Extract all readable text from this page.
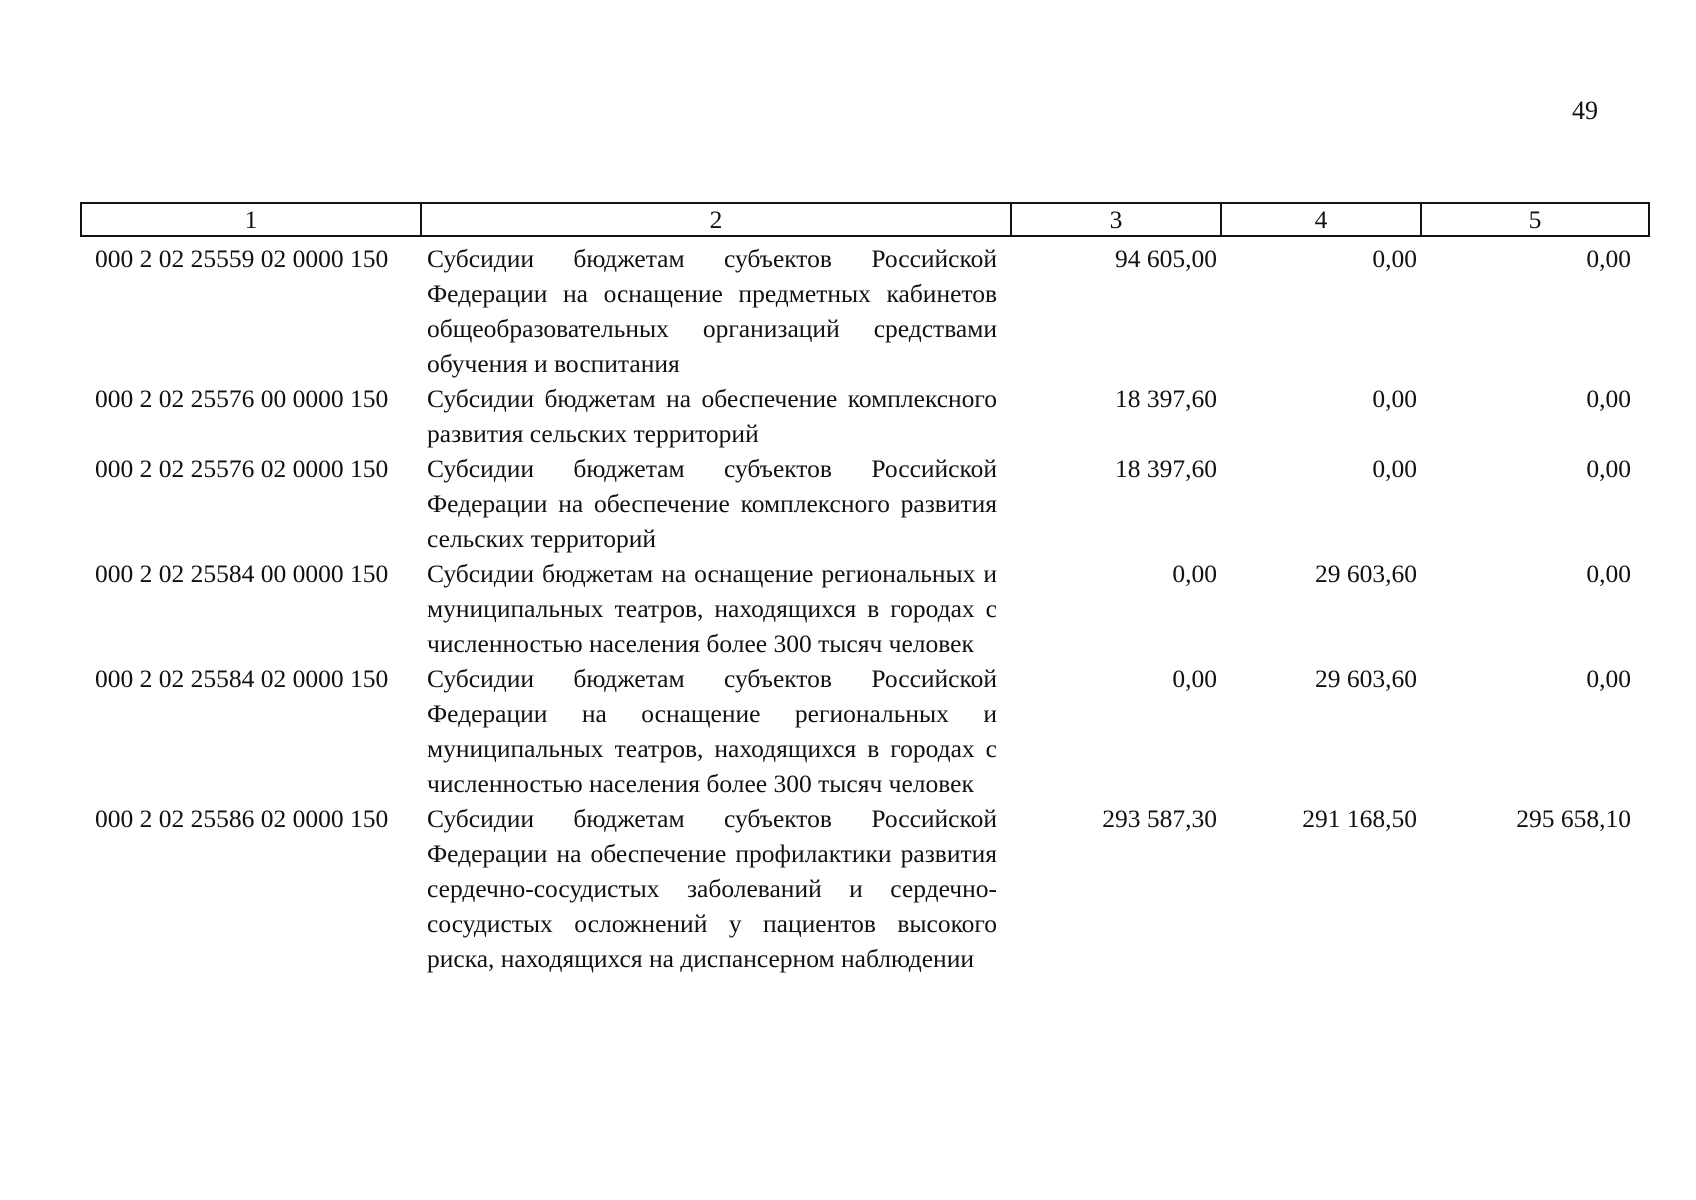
49
1	2	3	4	5
000 2 02 25559 02 0000 150	Субсидии бюджетам субъектов Российской Федерации на оснащение предметных кабинетов общеобразовательных организаций средствами обучения и воспитания	94 605,00	0,00	0,00
000 2 02 25576 00 0000 150	Субсидии бюджетам на обеспечение комплексного развития сельских территорий	18 397,60	0,00	0,00
000 2 02 25576 02 0000 150	Субсидии бюджетам субъектов Российской Федерации на обеспечение комплексного развития сельских территорий	18 397,60	0,00	0,00
000 2 02 25584 00 0000 150	Субсидии бюджетам на оснащение региональных и муниципальных театров, находящихся в городах с численностью населения более 300 тысяч человек	0,00	29 603,60	0,00
000 2 02 25584 02 0000 150	Субсидии бюджетам субъектов Российской Федерации на оснащение региональных и муниципальных театров, находящихся в городах с численностью населения более 300 тысяч человек	0,00	29 603,60	0,00
000 2 02 25586 02 0000 150	Субсидии бюджетам субъектов Российской Федерации на обеспечение профилактики развития сердечно-сосудистых заболеваний и сердечно-сосудистых осложнений у пациентов высокого риска, находящихся на диспансерном наблюдении	293 587,30	291 168,50	295 658,10
